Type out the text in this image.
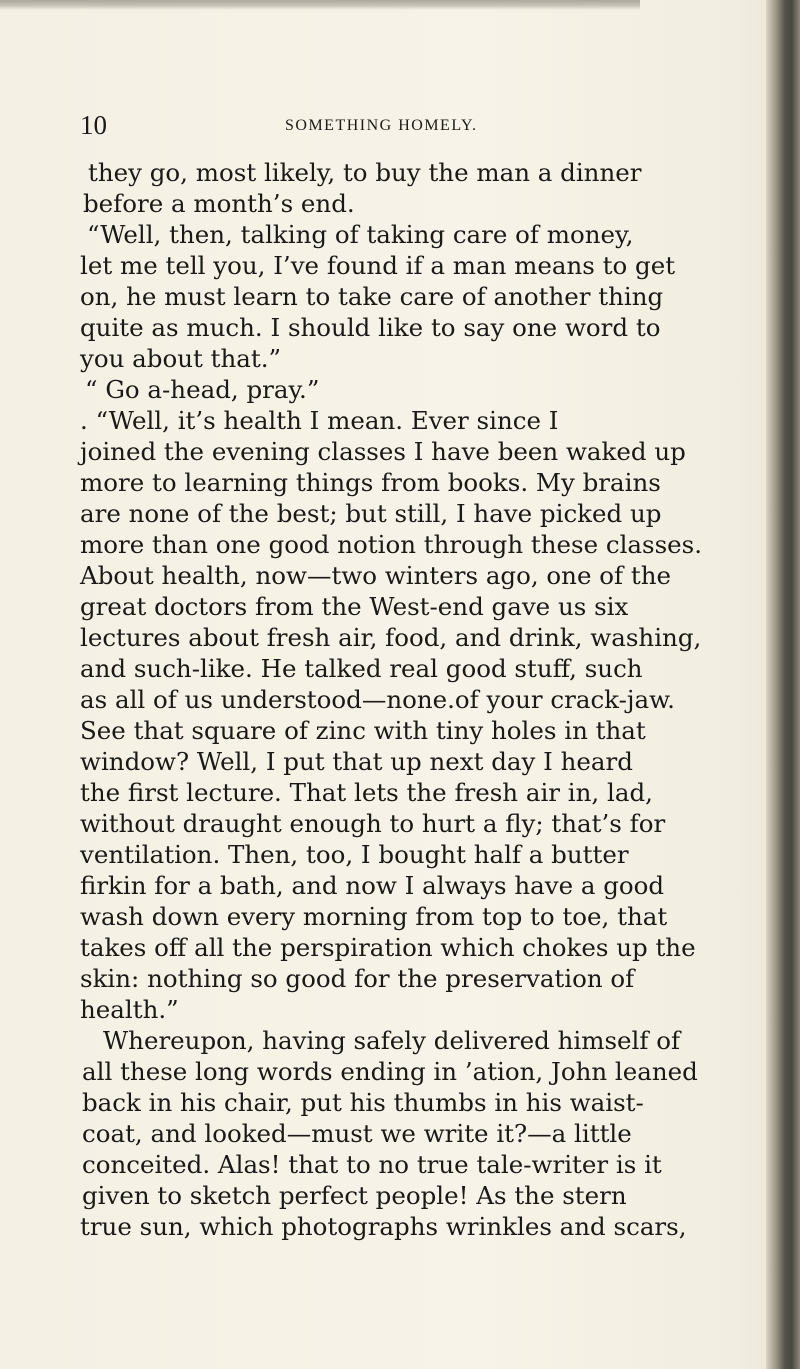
10	SOMETHING HOMELY.
they go, most likely, to buy the man a dinner
before a month’s end.
“Well, then, talking of taking care of money,
let me tell you, I’ve found if a man means to get
on, he must learn to take care of another thing
quite as much. I should like to say one word to
you about that.”
“ Go a-head, pray.”
. “Well, it’s health I mean. Ever since I
joined the evening classes I have been waked up
more to learning things from books. My brains
are none of the best; but still, I have picked up
more than one good notion through these classes.
About health, now—two winters ago, one of the
great doctors from the West-end gave us six
lectures about fresh air, food, and drink, washing,
and such-like. He talked real good stuff, such
as all of us understood—none.of your crack-jaw.
See that square of zinc with tiny holes in that
window? Well, I put that up next day I heard
the first lecture. That lets the fresh air in, lad,
without draught enough to hurt a fly; that’s for
ventilation. Then, too, I bought half a butter
firkin for a bath, and now I always have a good
wash down every morning from top to toe, that
takes off all the perspiration which chokes up the
skin: nothing so good for the preservation of
health.”
Whereupon, having safely delivered himself of
all these long words ending in ’ation, John leaned
back in his chair, put his thumbs in his waist-
coat, and looked—must we write it?—a little
conceited. Alas! that to no true tale-writer is it
given to sketch perfect people! As the stern
true sun, which photographs wrinkles and scars,
